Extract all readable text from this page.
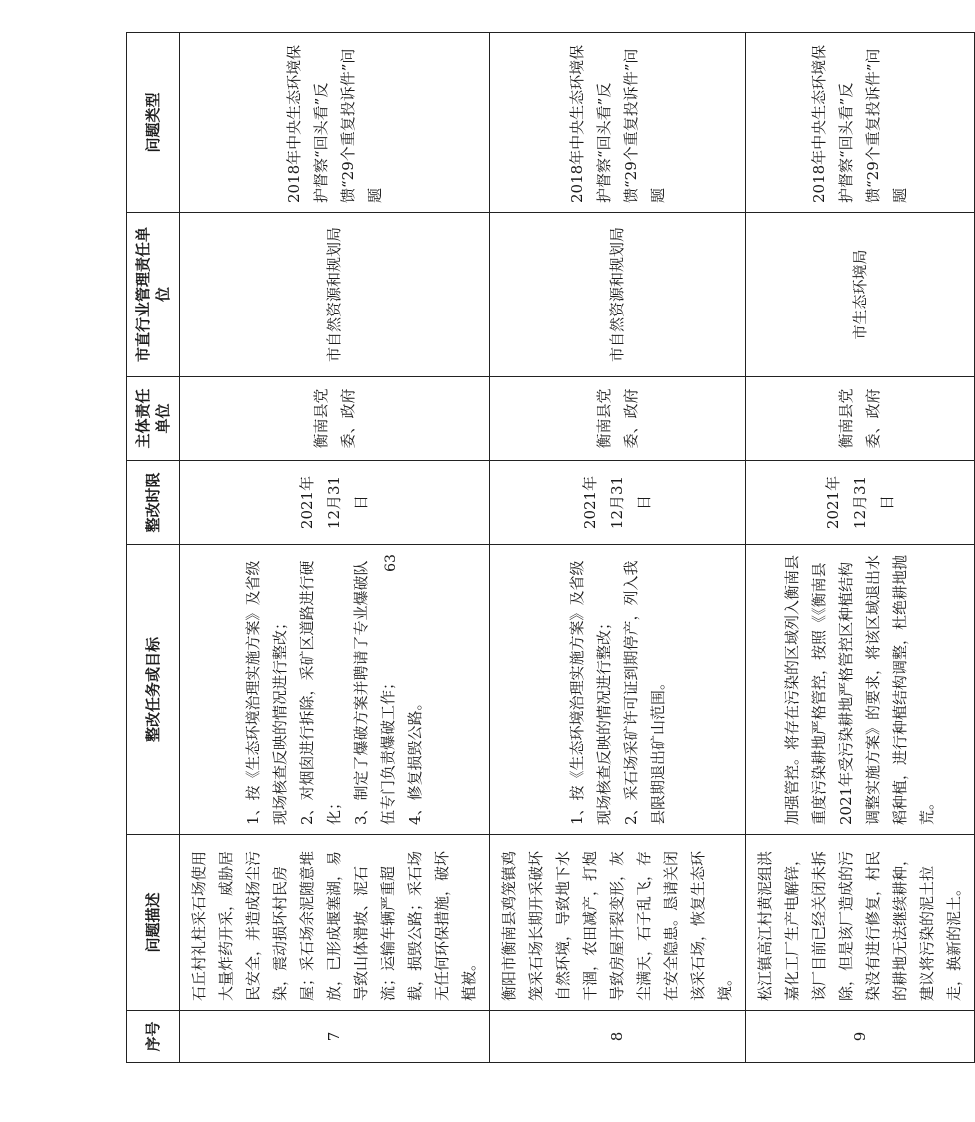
序号	问题描述	整改任务或目标	整改时限	主体责任单位	市直行业管理责任单位	问题类型
7	石丘村礼柱采石场使用大量炸药开采，威胁居民安全，并造成扬尘污染，震动损坏村民房屋；采石场余泥随意堆放，已形成堰塞湖，易导致山体滑坡、泥石流；运输车辆严重超载，损毁公路；采石场无任何环保措施，破坏植被。	1、按《生态环境治理实施方案》及省级现场核查反映的情况进行整改； 2、对烟囱进行拆除，采矿区道路进行硬化； 3、制定了爆破方案并聘请了专业爆破队伍专门负责爆破工作； 4、修复损毁公路。	2021年12月31日	衡南县党委、政府	市自然资源和规划局	2018年中央生态环境保护督察“回头看”反馈“29个重复投诉件”问题
8	衡阳市衡南县鸡笼镇鸡笼采石场长期开采破坏自然环境，导致地下水干涸，农田减产，打炮导致房屋开裂变形，灰尘满天，石子乱飞，存在安全隐患。恳请关闭该采石场，恢复生态环境。	1、按《生态环境治理实施方案》及省级现场核查反映的情况进行整改； 2、采石场采矿许可证到期停产，列入我县限期退出矿山范围。	2021年12月31日	衡南县党委、政府	市自然资源和规划局	2018年中央生态环境保护督察“回头看”反馈“29个重复投诉件”问题
9	松江镇高江村黄泥组洪嘉化工厂生产电解锌，该厂目前已经关闭未拆除，但是该厂造成的污染没有进行修复，村民的耕地无法继续耕种，建议将污染的泥土拉走，换新的泥土。	加强管控。将存在污染的区域列入衡南县重度污染耕地严格管控，按照《《衡南县2021年受污染耕地严格管控区种植结构调整实施方案》的要求，将该区域退出水稻种植，进行种植结构调整，杜绝耕地抛荒。	2021年12月31日	衡南县党委、政府	市生态环境局	2018年中央生态环境保护督察“回头看”反馈“29个重复投诉件”问题
63
